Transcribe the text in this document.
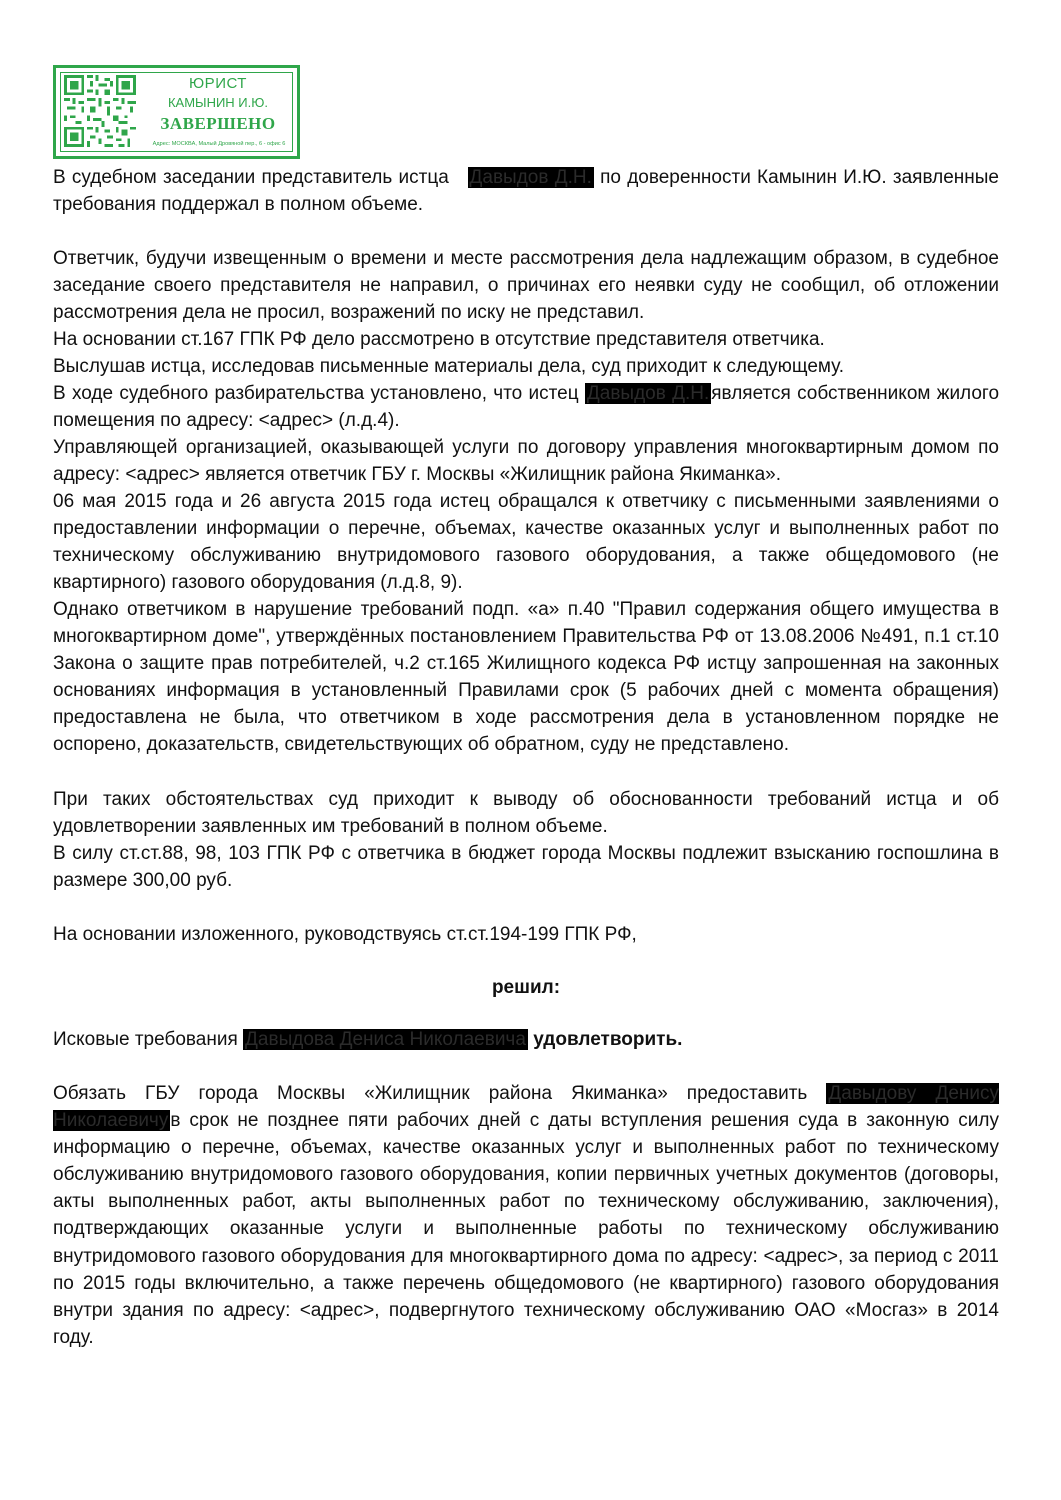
ЮРИСТ
КАМЫНИН И.Ю.
ЗАВЕРШЕНО
Адрес: МОСКВА, Малый Дровяной пер., 6 - офис 6

В судебном заседании представитель истца Давыдов Д.Н. по доверенности Камынин И.Ю. заявленные требования поддержал в полном объеме.

Ответчик, будучи извещенным о времени и месте рассмотрения дела надлежащим образом, в судебное заседание своего представителя не направил, о причинах его неявки суду не сообщил, об отложении рассмотрения дела не просил, возражений по иску не представил.

На основании ст.167 ГПК РФ дело рассмотрено в отсутствие представителя ответчика.

Выслушав истца, исследовав письменные материалы дела, суд приходит к следующему.

В ходе судебного разбирательства установлено, что истец Давыдов Д.Н. является собственником жилого помещения по адресу: <адрес> (л.д.4).

Управляющей организацией, оказывающей услуги по договору управления многоквартирным домом по адресу: <адрес> является ответчик ГБУ г. Москвы «Жилищник района Якиманка».

06 мая 2015 года и 26 августа 2015 года истец обращался к ответчику с письменными заявлениями о предоставлении информации о перечне, объемах, качестве оказанных услуг и выполненных работ по техническому обслуживанию внутридомового газового оборудования, а также общедомового (не квартирного) газового оборудования (л.д.8, 9).

Однако ответчиком в нарушение требований подп. «а» п.40 "Правил содержания общего имущества в многоквартирном доме", утверждённых постановлением Правительства РФ от 13.08.2006 №491, п.1 ст.10 Закона о защите прав потребителей, ч.2 ст.165 Жилищного кодекса РФ истцу запрошенная на законных основаниях информация в установленный Правилами срок (5 рабочих дней с момента обращения) предоставлена не была, что ответчиком в ходе рассмотрения дела в установленном порядке не оспорено, доказательств, свидетельствующих об обратном, суду не представлено.

При таких обстоятельствах суд приходит к выводу об обоснованности требований истца и об удовлетворении заявленных им требований в полном объеме.

В силу ст.ст.88, 98, 103 ГПК РФ с ответчика в бюджет города Москвы подлежит взысканию госпошлина в размере 300,00 руб.

На основании изложенного, руководствуясь ст.ст.194-199 ГПК РФ,

решил:

Исковые требования Давыдова Дениса Николаевича удовлетворить.

Обязать ГБУ города Москвы «Жилищник района Якиманка» предоставить Давыдову Денису Николаевичу в срок не позднее пяти рабочих дней с даты вступления решения суда в законную силу информацию о перечне, объемах, качестве оказанных услуг и выполненных работ по техническому обслуживанию внутридомового газового оборудования, копии первичных учетных документов (договоры, акты выполненных работ, акты выполненных работ по техническому обслуживанию, заключения), подтверждающих оказанные услуги и выполненные работы по техническому обслуживанию внутридомового газового оборудования для многоквартирного дома по адресу: <адрес>, за период с 2011 по 2015 годы включительно, а также перечень общедомового (не квартирного) газового оборудования внутри здания по адресу: <адрес>, подвергнутого техническому обслуживанию ОАО «Мосгаз» в 2014 году.
